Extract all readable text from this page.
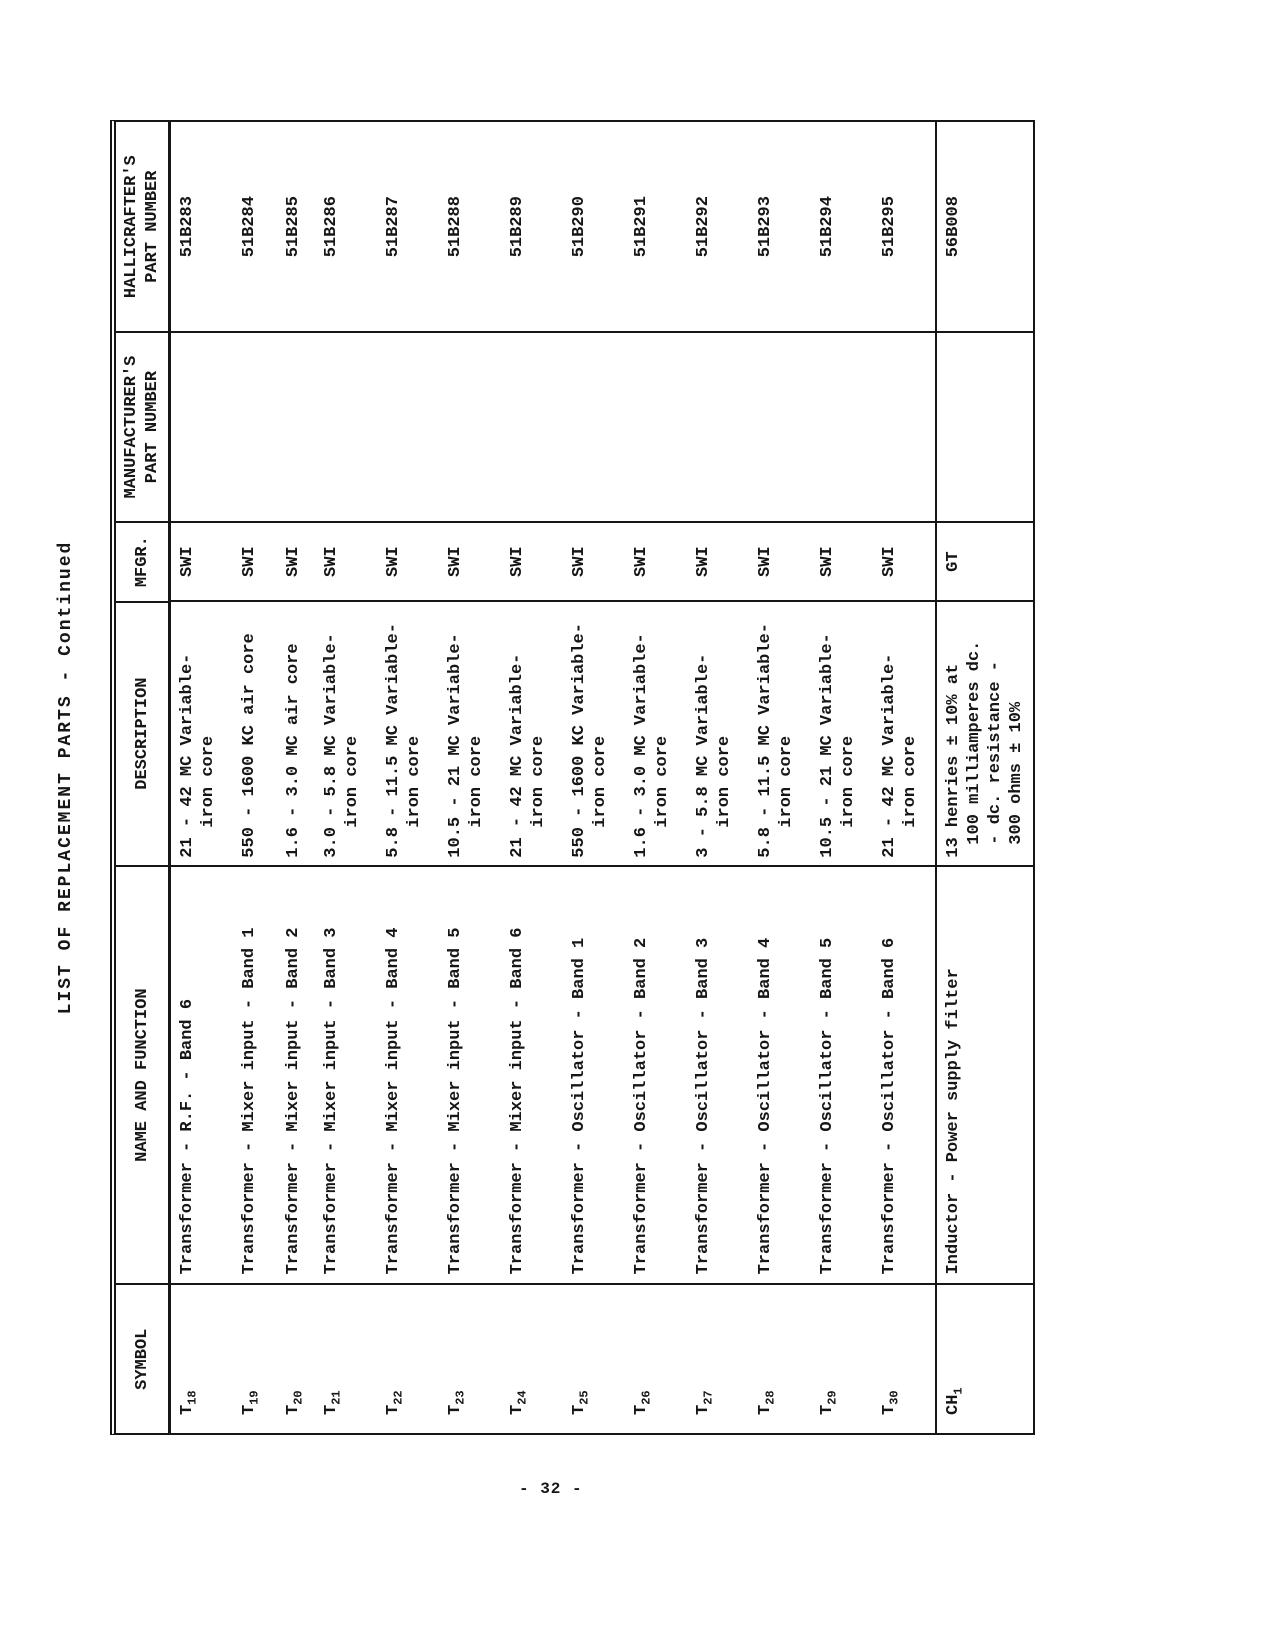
LIST OF REPLACEMENT PARTS - Continued
SYMBOL
NAME AND FUNCTION
DESCRIPTION
MFGR.
MANUFACTURER'S PART NUMBER
HALLICRAFTER'S PART NUMBER
$T_{18}$
Transformer - R.F. - Band 6
21 - 42 MC Variable- iron core
SWI
51B283
$T_{19}$
Transformer - Mixer input - Band 1
550 - 1600 KC air core
SWI
51B284
$T_{20}$
Transformer - Mixer input - Band 2
1.6 - 3.0 MC air core
SWI
51B285
$T_{21}$
Transformer - Mixer input - Band 3
3.0 - 5.8 MC Variable- iron core
SWI
51B286
$T_{22}$
Transformer - Mixer input - Band 4
5.8 - 11.5 MC Variable- iron core
SWI
51B287
$T_{23}$
Transformer - Mixer input - Band 5
10.5 - 21 MC Variable- iron core
SWI
51B288
$T_{24}$
Transformer - Mixer input - Band 6
21 - 42 MC Variable- iron core
SWI
51B289
$T_{25}$
Transformer - Oscillator - Band 1
550 - 1600 KC Variable- iron core
SWI
51B290
$T_{26}$
Transformer - Oscillator - Band 2
1.6 - 3.0 MC Variable- iron core
SWI
51B291
$T_{27}$
Transformer - Oscillator - Band 3
3 - 5.8 MC Variable- iron core
SWI
51B292
$T_{28}$
Transformer - Oscillator - Band 4
5.8 - 11.5 MC Variable- iron core
SWI
51B293
$T_{29}$
Transformer - Oscillator - Band 5
10.5 - 21 MC Variable- iron core
SWI
51B294
$T_{30}$
Transformer - Oscillator - Band 6
21 - 42 MC Variable- iron core
SWI
51B295
$CH_1$
Inductor - Power supply filter
13 henries ± 10% at 100 milliamperes dc. - dc. resistance - 300 ohms ± 10%
GT
56B008
- 32 -
